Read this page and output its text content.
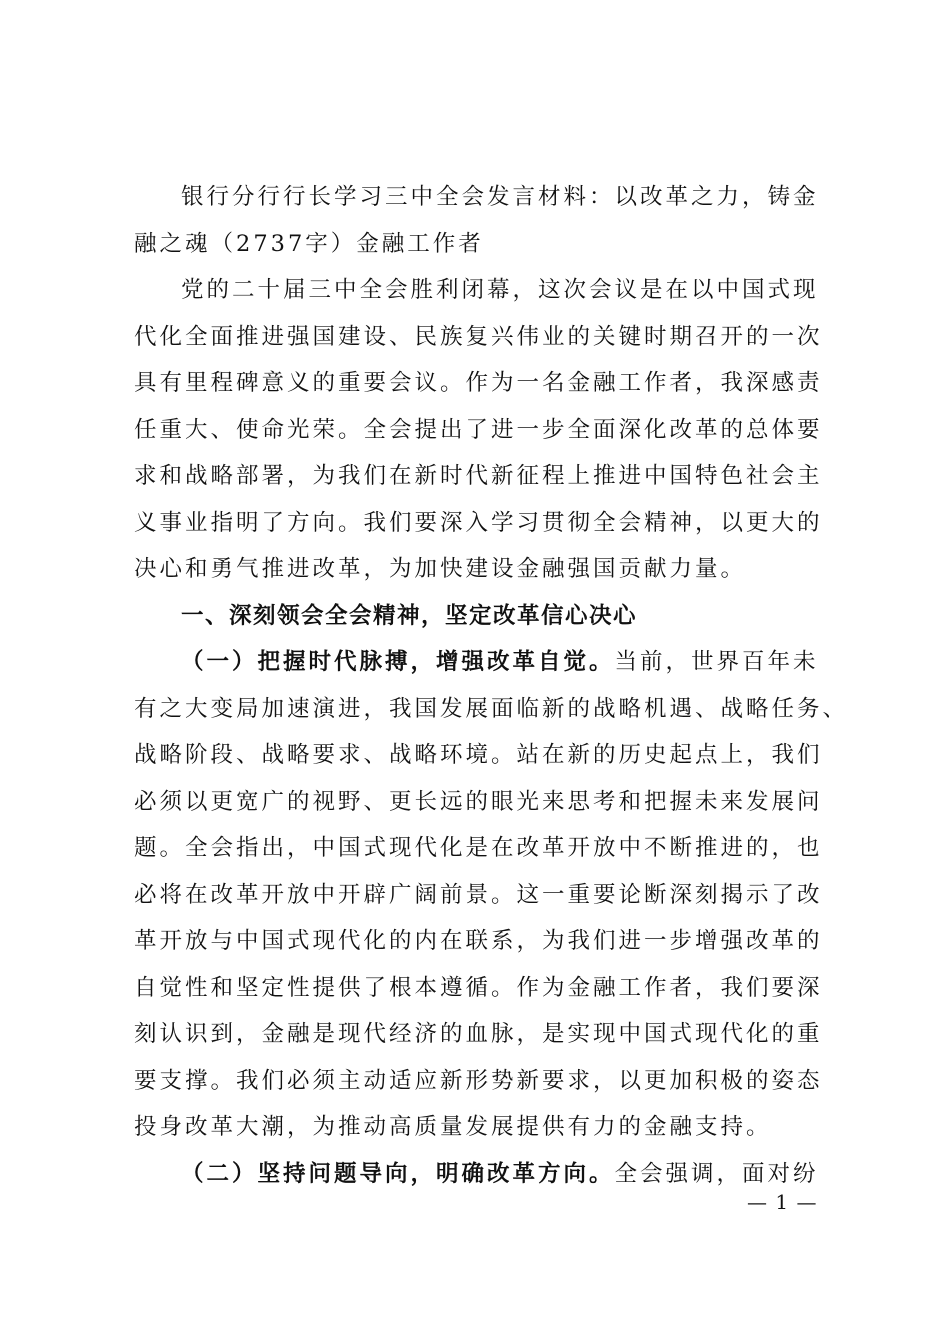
银行分行行长学习三中全会发言材料：以改革之力，铸金
融之魂（2737字）金融工作者
党的二十届三中全会胜利闭幕，这次会议是在以中国式现
代化全面推进强国建设、民族复兴伟业的关键时期召开的一次
具有里程碑意义的重要会议。作为一名金融工作者，我深感责
任重大、使命光荣。全会提出了进一步全面深化改革的总体要
求和战略部署，为我们在新时代新征程上推进中国特色社会主
义事业指明了方向。我们要深入学习贯彻全会精神，以更大的
决心和勇气推进改革，为加快建设金融强国贡献力量。
一、深刻领会全会精神，坚定改革信心决心
（一）把握时代脉搏，增强改革自觉。当前，世界百年未
有之大变局加速演进，我国发展面临新的战略机遇、战略任务、
战略阶段、战略要求、战略环境。站在新的历史起点上，我们
必须以更宽广的视野、更长远的眼光来思考和把握未来发展问
题。全会指出，中国式现代化是在改革开放中不断推进的，也
必将在改革开放中开辟广阔前景。这一重要论断深刻揭示了改
革开放与中国式现代化的内在联系，为我们进一步增强改革的
自觉性和坚定性提供了根本遵循。作为金融工作者，我们要深
刻认识到，金融是现代经济的血脉，是实现中国式现代化的重
要支撑。我们必须主动适应新形势新要求，以更加积极的姿态
投身改革大潮，为推动高质量发展提供有力的金融支持。
（二）坚持问题导向，明确改革方向。全会强调，面对纷
— 1 —
